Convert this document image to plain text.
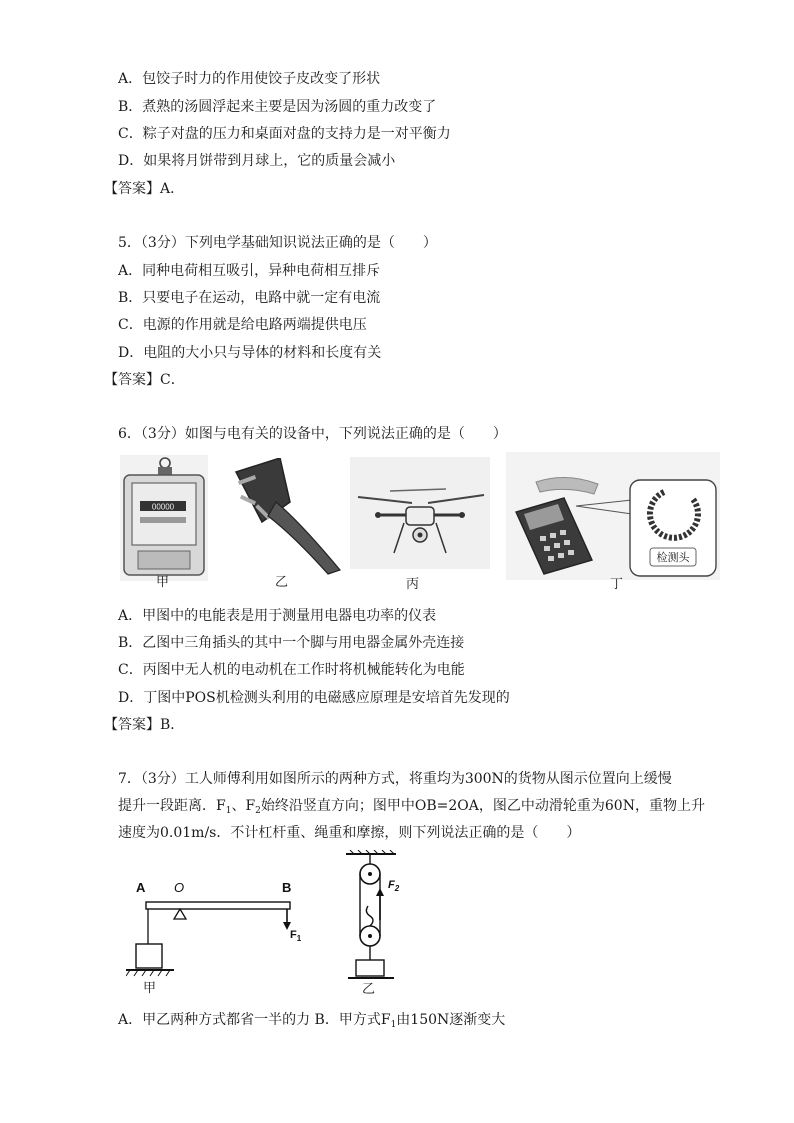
A．包饺子时力的作用使饺子皮改变了形状
B．煮熟的汤圆浮起来主要是因为汤圆的重力改变了
C．粽子对盘的压力和桌面对盘的支持力是一对平衡力
D．如果将月饼带到月球上，它的质量会减小
【答案】A．
5．（3分）下列电学基础知识说法正确的是（　　）
A．同种电荷相互吸引，异种电荷相互排斥
B．只要电子在运动，电路中就一定有电流
C．电源的作用就是给电路两端提供电压
D．电阻的大小只与导体的材料和长度有关
【答案】C．
6．（3分）如图与电有关的设备中，下列说法正确的是（　　）
00000
甲	乙	丙
检测头
丁
A．甲图中的电能表是用于测量用电器电功率的仪表
B．乙图中三角插头的其中一个脚与用电器金属外壳连接
C．丙图中无人机的电动机在工作时将机械能转化为电能
D．丁图中POS机检测头利用的电磁感应原理是安培首先发现的
【答案】B．
7．（3分）工人师傅利用如图所示的两种方式，将重均为300N的货物从图示位置向上缓慢
提升一段距离．$F_1$、$F_2$始终沿竖直方向；图甲中OB=2OA，图乙中动滑轮重为60N，重物上升
速度为0.01m/s．不计杠杆重、绳重和摩擦，则下列说法正确的是（　　）
A O	B
$F_1$
甲
$F_2$
乙
A．甲乙两种方式都省一半的力 B．甲方式$F_1$由150N逐渐变大
